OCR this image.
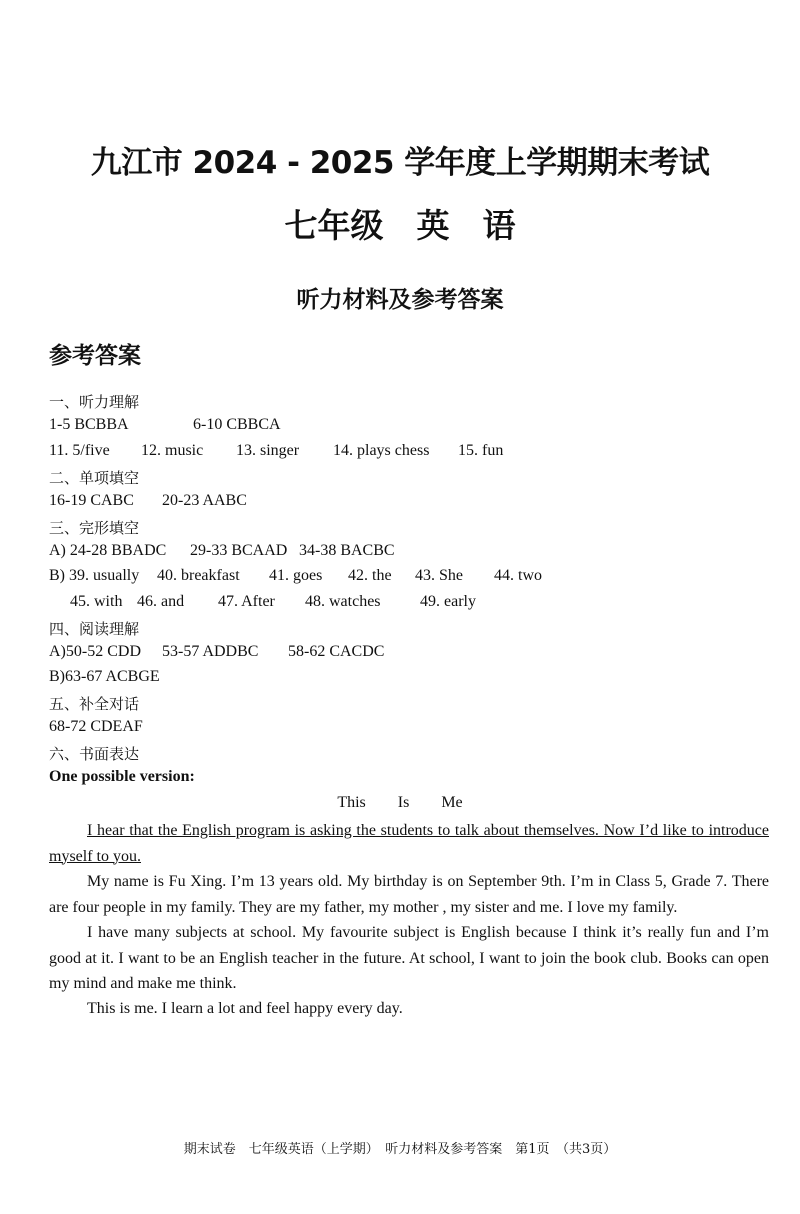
九江市 2024 - 2025 学年度上学期期末考试
七年级　英　语
听力材料及参考答案
参考答案
一、听力理解
1-5 BCBBA	6-10 CBBCA
11. 5/five 12. music 13. singer 14. plays chess 15. fun
二、单项填空
16-19 CABC 20-23 AABC
三、完形填空
A) 24-28 BBADC 29-33 BCAAD 34-38 BACBC
B) 39. usually 40. breakfast 41. goes 42. the 43. She 44. two
45. with 46. and 47. After 48. watches 49. early
四、阅读理解
A)50-52 CDD 53-57 ADDBC 58-62 CACDC
B)63-67 ACBGE
五、补全对话
68-72 CDEAF
六、书面表达
One possible version:
This Is Me
I hear that the English program is asking the students to talk about themselves. Now I’d like to introduce myself to you.
My name is Fu Xing. I’m 13 years old. My birthday is on September 9th. I’m in Class 5, Grade 7. There are four people in my family. They are my father, my mother , my sister and me. I love my family.
I have many subjects at school. My favourite subject is English because I think it’s really fun and I’m good at it. I want to be an English teacher in the future. At school, I want to join the book club. Books can open my mind and make me think.
This is me. I learn a lot and feel happy every day.
期末试卷　七年级英语（上学期）　听力材料及参考答案　第1页　（共3页）
